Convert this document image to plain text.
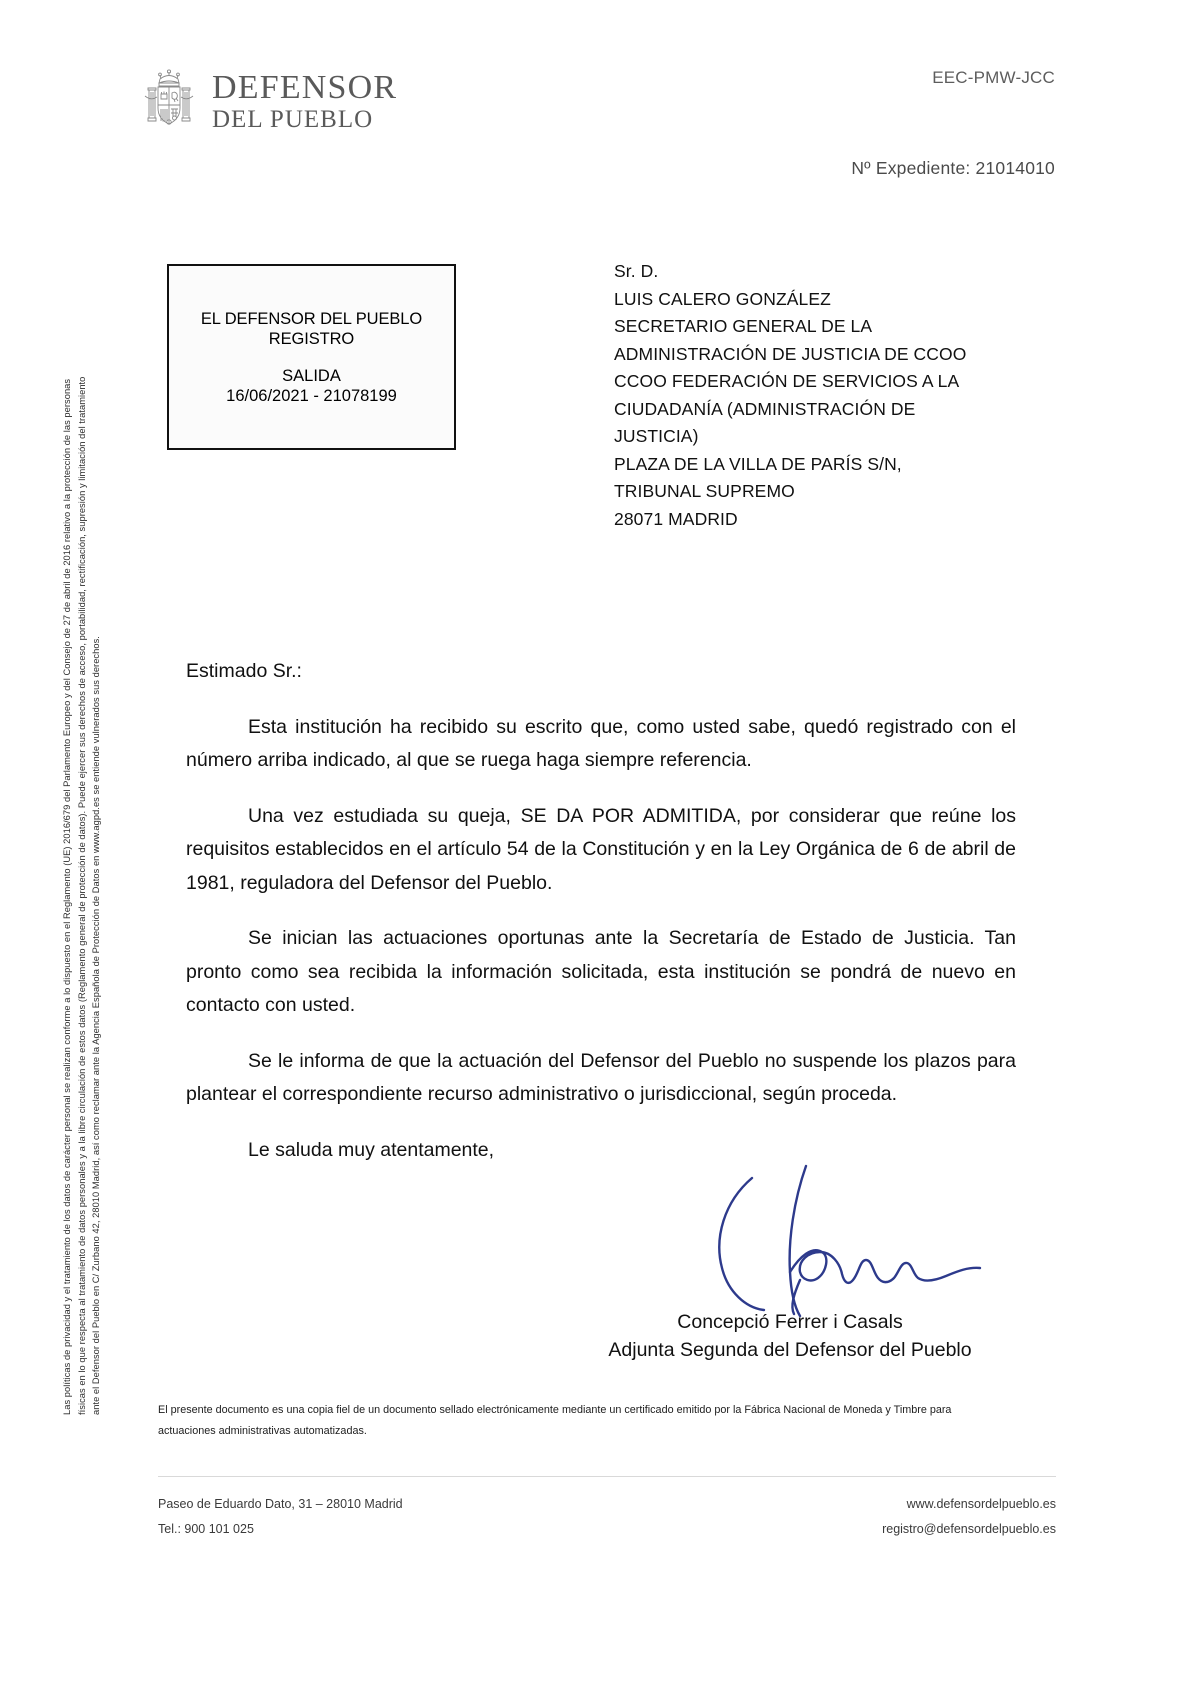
DEFENSOR
DEL PUEBLO
EEC-PMW-JCC
Nº Expediente: 21014010
Las políticas de privacidad y el tratamiento de los datos de carácter personal se realizan conforme a lo dispuesto en el Reglamento (UE) 2016/679 del Parlamento Europeo y del Consejo de 27 de abril de 2016 relativo a la protección de las personas físicas en lo que respecta al tratamiento de datos personales y a la libre circulación de estos datos (Reglamento general de protección de datos). Puede ejercer sus derechos de acceso, portabilidad, rectificación, supresión y limitación del tratamiento ante el Defensor del Pueblo en C/ Zurbano 42, 28010 Madrid, así como reclamar ante la Agencia Española de Protección de Datos en www.agpd.es se entiende vulnerados sus derechos.
EL DEFENSOR DEL PUEBLO
REGISTRO
SALIDA
16/06/2021 - 21078199
Sr. D.
LUIS CALERO GONZÁLEZ
SECRETARIO GENERAL DE LA
ADMINISTRACIÓN DE JUSTICIA DE CCOO
CCOO FEDERACIÓN DE SERVICIOS A LA
CIUDADANÍA (ADMINISTRACIÓN DE
JUSTICIA)
PLAZA DE LA VILLA DE PARÍS S/N,
TRIBUNAL SUPREMO
28071 MADRID

Estimado Sr.:

Esta institución ha recibido su escrito que, como usted sabe, quedó registrado con el número arriba indicado, al que se ruega haga siempre referencia.

Una vez estudiada su queja, SE DA POR ADMITIDA, por considerar que reúne los requisitos establecidos en el artículo 54 de la Constitución y en la Ley Orgánica de 6 de abril de 1981, reguladora del Defensor del Pueblo.

Se inician las actuaciones oportunas ante la Secretaría de Estado de Justicia. Tan pronto como sea recibida la información solicitada, esta institución se pondrá de nuevo en contacto con usted.

Se le informa de que la actuación del Defensor del Pueblo no suspende los plazos para plantear el correspondiente recurso administrativo o jurisdiccional, según proceda.

Le saluda muy atentamente,

Concepció Ferrer i Casals
Adjunta Segunda del Defensor del Pueblo
El presente documento es una copia fiel de un documento sellado electrónicamente mediante un certificado emitido por la Fábrica Nacional de Moneda y Timbre para actuaciones administrativas automatizadas.
Paseo de Eduardo Dato, 31 – 28010 Madrid
Tel.: 900 101 025
www.defensordelpueblo.es
registro@defensordelpueblo.es
